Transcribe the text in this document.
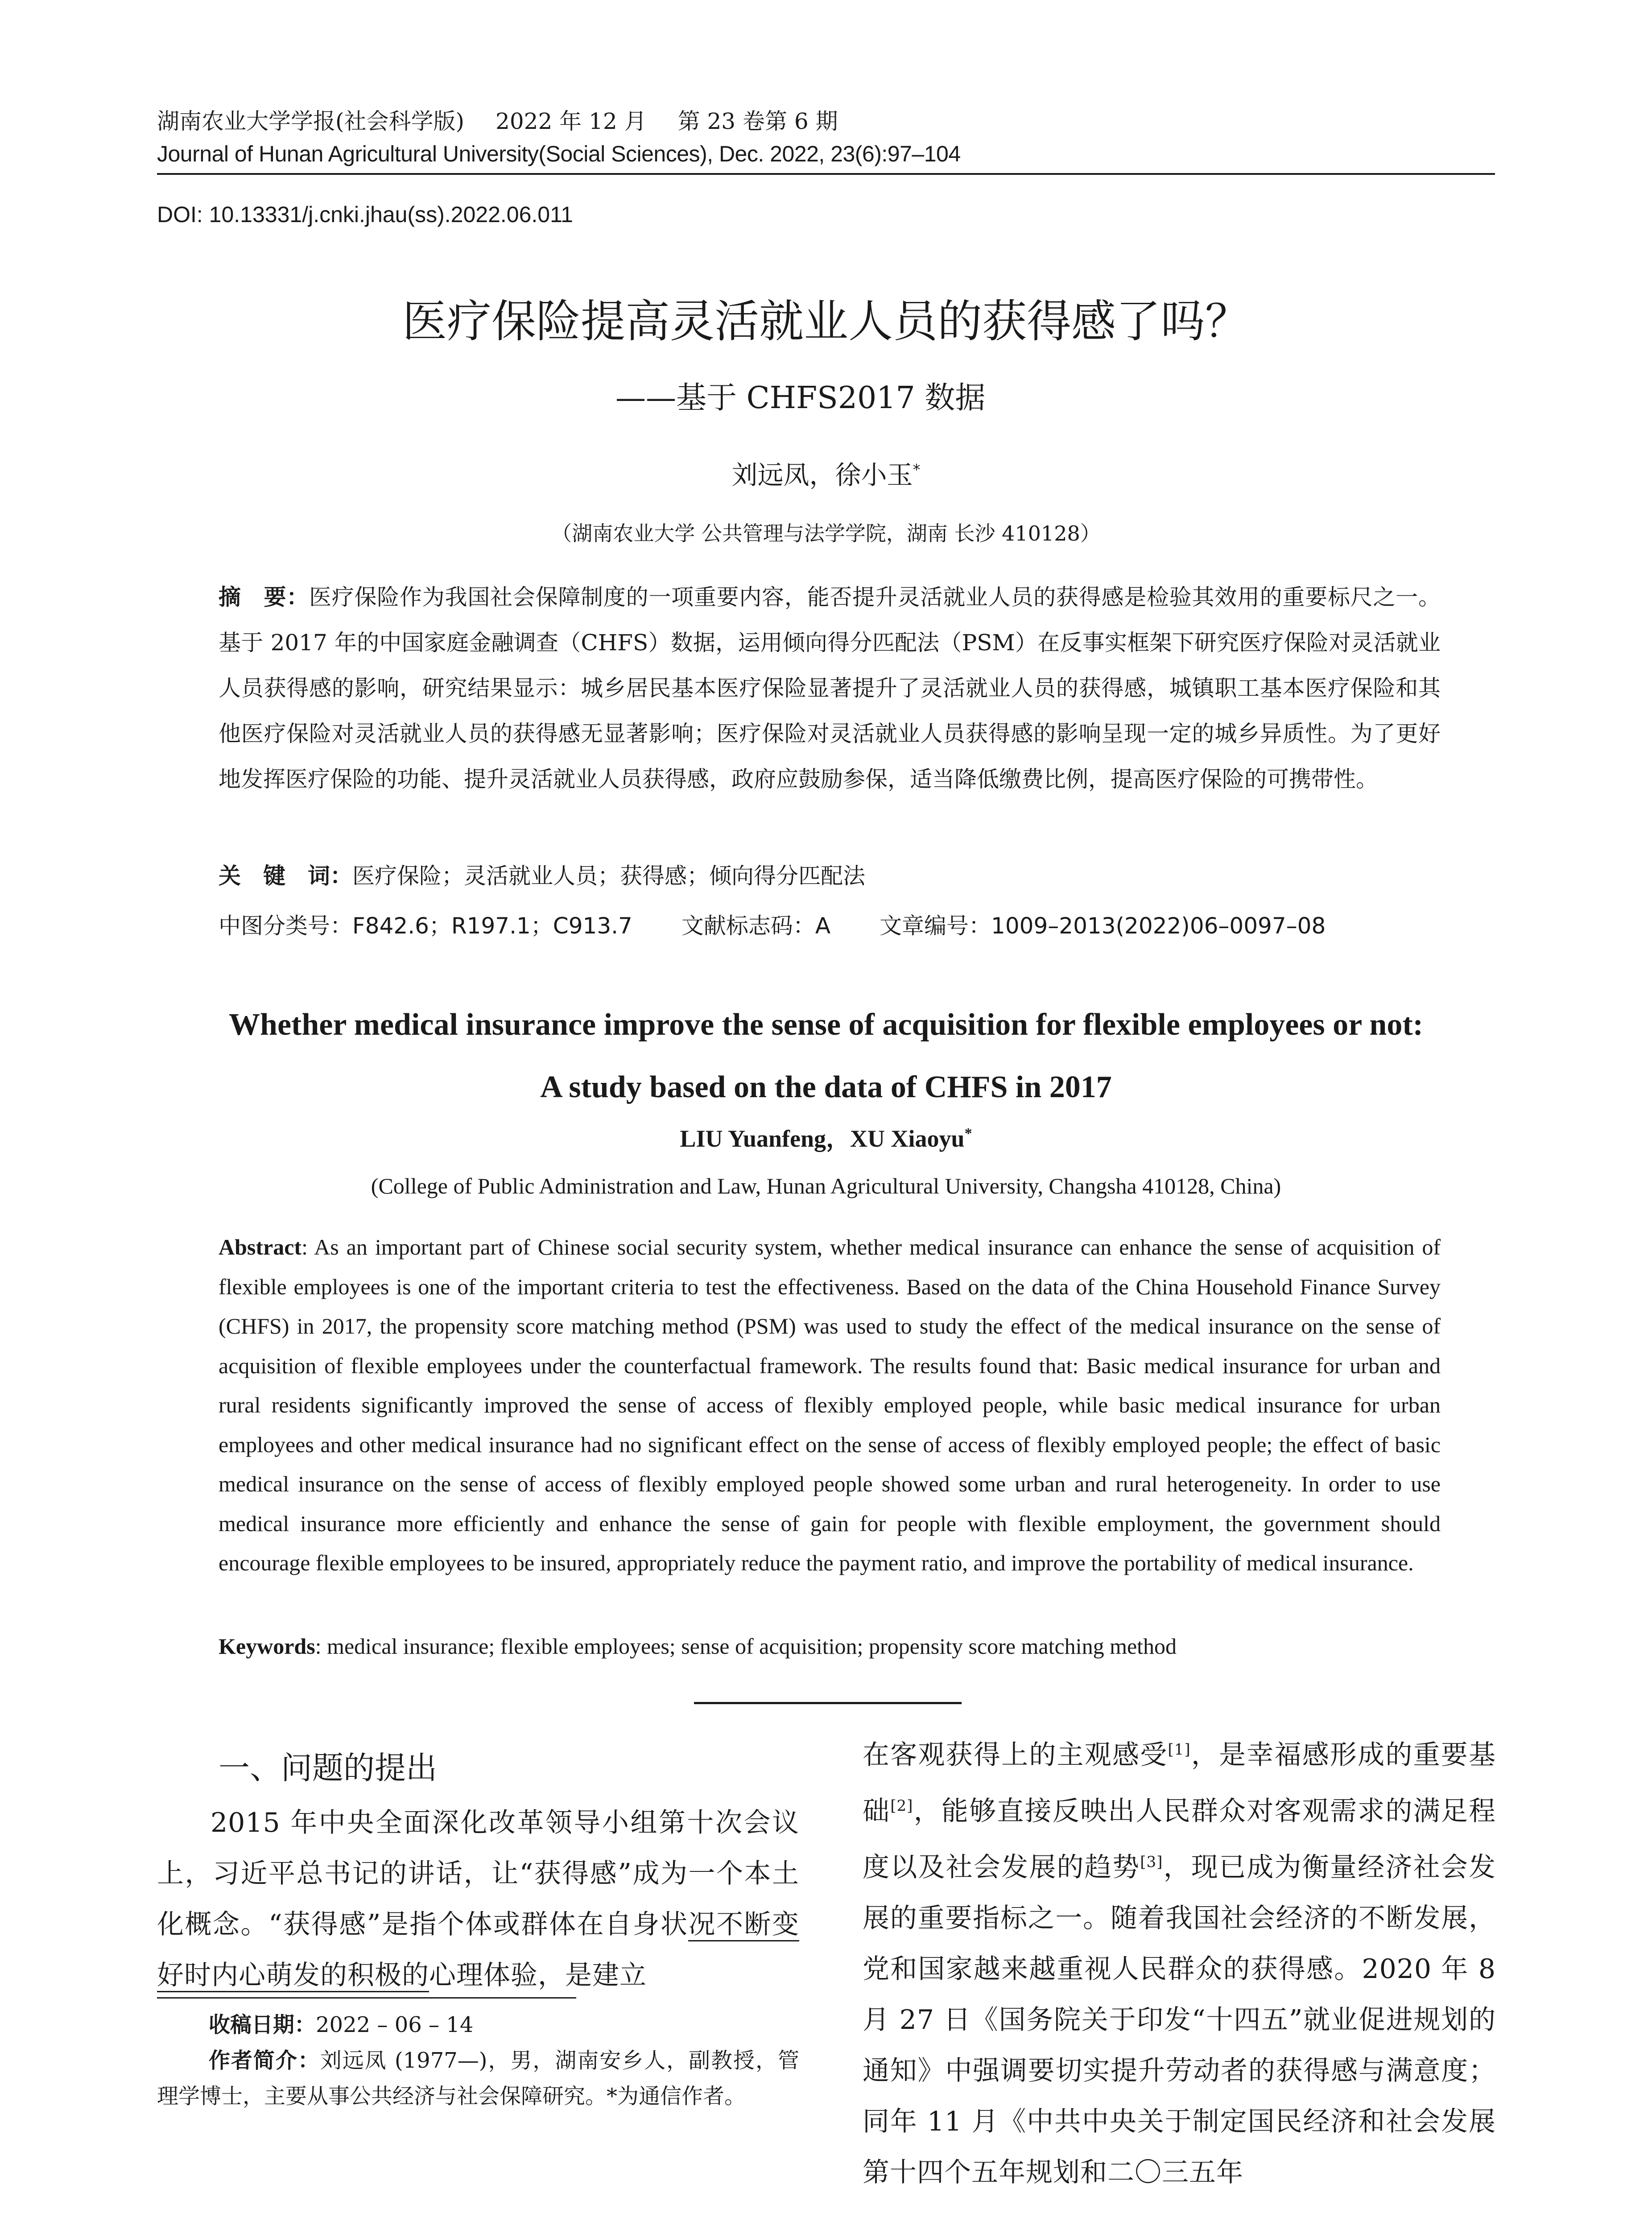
湖南农业大学学报(社会科学版) 2022 年 12 月 第 23 卷第 6 期
Journal of Hunan Agricultural University(Social Sciences), Dec. 2022, 23(6):97–104
DOI: 10.13331/j.cnki.jhau(ss).2022.06.011
医疗保险提高灵活就业人员的获得感了吗？
——基于 CHFS2017 数据
刘远凤，徐小玉*
（湖南农业大学 公共管理与法学学院，湖南 长沙 410128）
摘　要：医疗保险作为我国社会保障制度的一项重要内容，能否提升灵活就业人员的获得感是检验其效用的重要标尺之一。基于 2017 年的中国家庭金融调查（CHFS）数据，运用倾向得分匹配法（PSM）在反事实框架下研究医疗保险对灵活就业人员获得感的影响，研究结果显示：城乡居民基本医疗保险显著提升了灵活就业人员的获得感，城镇职工基本医疗保险和其他医疗保险对灵活就业人员的获得感无显著影响；医疗保险对灵活就业人员获得感的影响呈现一定的城乡异质性。为了更好地发挥医疗保险的功能、提升灵活就业人员获得感，政府应鼓励参保，适当降低缴费比例，提高医疗保险的可携带性。
关　键　词：医疗保险；灵活就业人员；获得感；倾向得分匹配法
中图分类号：F842.6；R197.1；C913.7 文献标志码：A 文章编号：1009–2013(2022)06–0097–08
Whether medical insurance improve the sense of acquisition for flexible employees or not:
A study based on the data of CHFS in 2017
LIU Yuanfeng，XU Xiaoyu*
(College of Public Administration and Law, Hunan Agricultural University, Changsha 410128, China)
Abstract: As an important part of Chinese social security system, whether medical insurance can enhance the sense of acquisition of flexible employees is one of the important criteria to test the effectiveness. Based on the data of the China Household Finance Survey (CHFS) in 2017, the propensity score matching method (PSM) was used to study the effect of the medical insurance on the sense of acquisition of flexible employees under the counterfactual framework. The results found that: Basic medical insurance for urban and rural residents significantly improved the sense of access of flexibly employed people, while basic medical insurance for urban employees and other medical insurance had no significant effect on the sense of access of flexibly employed people; the effect of basic medical insurance on the sense of access of flexibly employed people showed some urban and rural heterogeneity. In order to use medical insurance more efficiently and enhance the sense of gain for people with flexible employment, the government should encourage flexible employees to be insured, appropriately reduce the payment ratio, and improve the portability of medical insurance.
Keywords: medical insurance; flexible employees; sense of acquisition; propensity score matching method
一、问题的提出
2015 年中央全面深化改革领导小组第十次会议上，习近平总书记的讲话，让“获得感”成为一个本土化概念。“获得感”是指个体或群体在自身状况不断变好时内心萌发的积极的心理体验，是建立

收稿日期：2022 – 06 – 14

作者简介：刘远凤 (1977—)，男，湖南安乡人，副教授，管理学博士，主要从事公共经济与社会保障研究。*为通信作者。

在客观获得上的主观感受[1]，是幸福感形成的重要基础[2]，能够直接反映出人民群众对客观需求的满足程度以及社会发展的趋势[3]，现已成为衡量经济社会发展的重要指标之一。随着我国社会经济的不断发展，党和国家越来越重视人民群众的获得感。2020 年 8 月 27 日《国务院关于印发“十四五”就业促进规划的通知》中强调要切实提升劳动者的获得感与满意度；同年 11 月《中共中央关于制定国民经济和社会发展第十四个五年规划和二〇三五年
